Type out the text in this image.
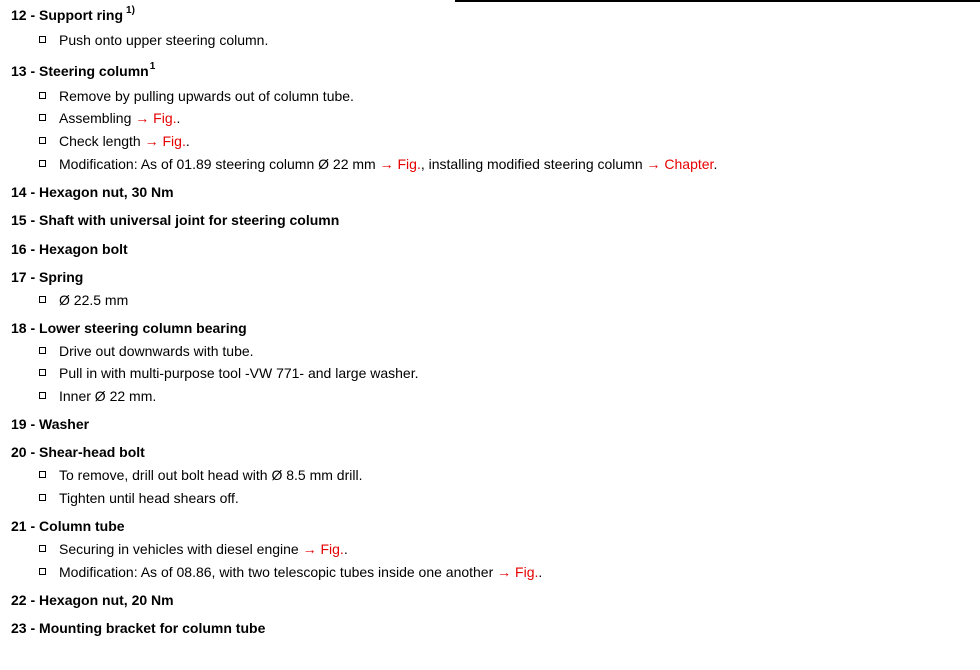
12 - Support ring $^{1)}$
Push onto upper steering column.
13 - Steering column$^1$
Remove by pulling upwards out of column tube.
Assembling → Fig..
Check length → Fig..
Modification: As of 01.89 steering column Ø 22 mm → Fig., installing modified steering column → Chapter.
14 - Hexagon nut, 30 Nm
15 - Shaft with universal joint for steering column
16 - Hexagon bolt
17 - Spring
Ø 22.5 mm
18 - Lower steering column bearing
Drive out downwards with tube.
Pull in with multi-purpose tool -VW 771- and large washer.
Inner Ø 22 mm.
19 - Washer
20 - Shear-head bolt
To remove, drill out bolt head with Ø 8.5 mm drill.
Tighten until head shears off.
21 - Column tube
Securing in vehicles with diesel engine → Fig..
Modification: As of 08.86, with two telescopic tubes inside one another → Fig..
22 - Hexagon nut, 20 Nm
23 - Mounting bracket for column tube
